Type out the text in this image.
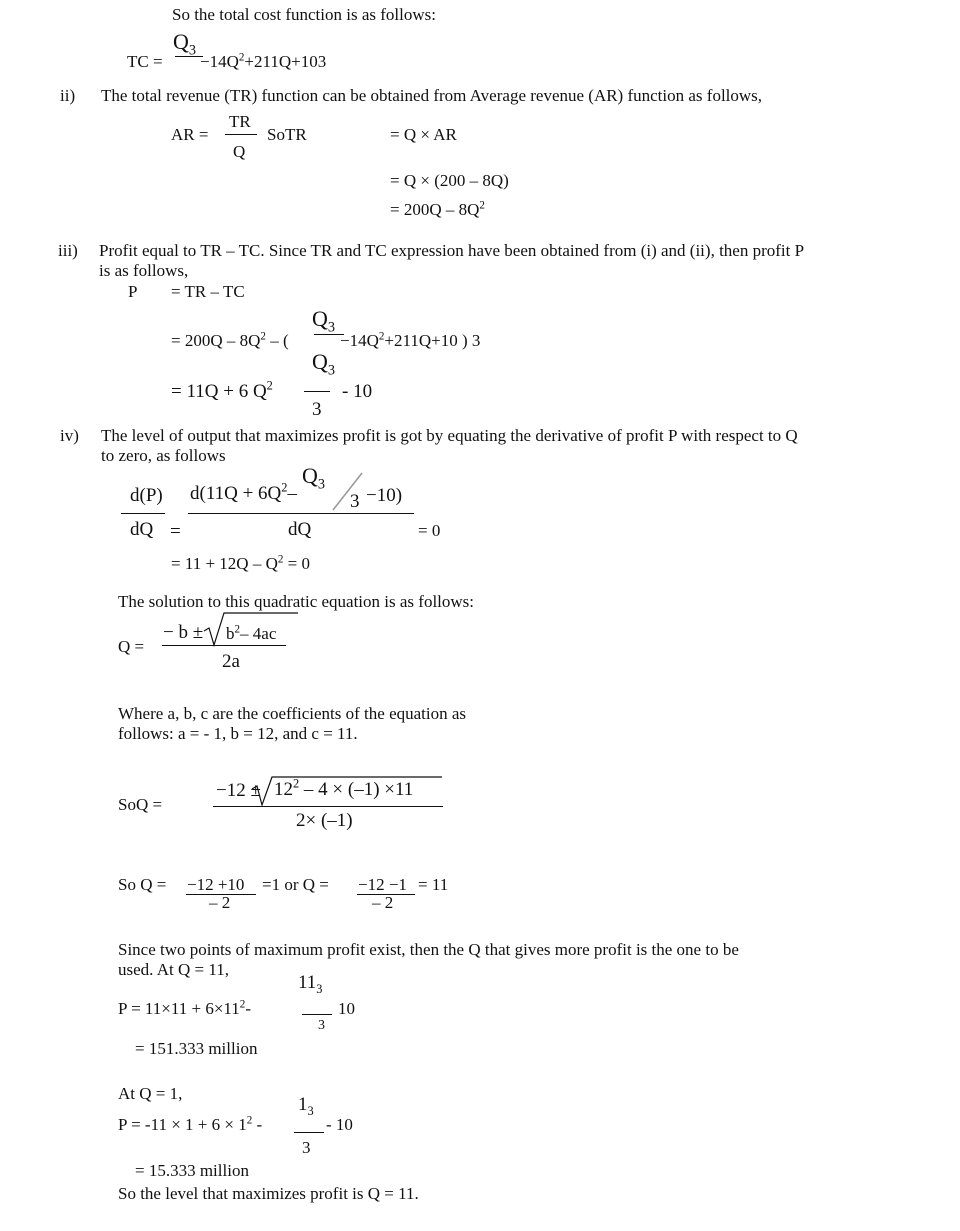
So the total cost function is as follows:
TC =
$Q_3$
$-14Q^2+211Q+103$
ii) The total revenue (TR) function can be obtained from Average revenue (AR) function as follows,
AR =
TR
Q
SoTR	= Q × AR
= Q × (200 – 8Q)
= $200Q - 8Q^2$
iii) Profit equal to TR – TC. Since TR and TC expression have been obtained from (i) and (ii), then profit P
is as follows,
P = TR – TC
= $200Q - 8Q^2$ – (
$Q_3$
$-14Q^2+211Q+10$ ) 3
$Q_3$
= 11Q + 6 $Q^2$
3
- 10
iv) The level of output that maximizes profit is got by equating the derivative of profit P with respect to Q
to zero, as follows
d(P)
dQ =
$d(11Q + 6Q^2-$
$Q_3$
3 −10)
dQ	= 0
= $11 + 12Q - Q^2 = 0$
The solution to this quadratic equation is as follows:
Q =
− $b \pm b^2-$ 4ac
2a
Where a, b, c are the coefficients of the equation as
follows: a = - 1, b = 12, and c = 11.
SoQ =
$-12 \pm 12^2 - 4 \times (-1) \times 11$
2× (–1)
So Q = −12 +10
– 2
=1 or Q = −12 −1
– 2
= 11
Since two points of maximum profit exist, then the Q that gives more profit is the one to be
used. At Q = 11,
$11_3$
$P = 11\times 11 + 6\times 11^2-$
3
10
= 151.333 million
At Q = 1,
$1_3$
$P = -11 \times 1 + 6 \times 1^2$ -
3
- 10
= 15.333 million
So the level that maximizes profit is Q = 11.
